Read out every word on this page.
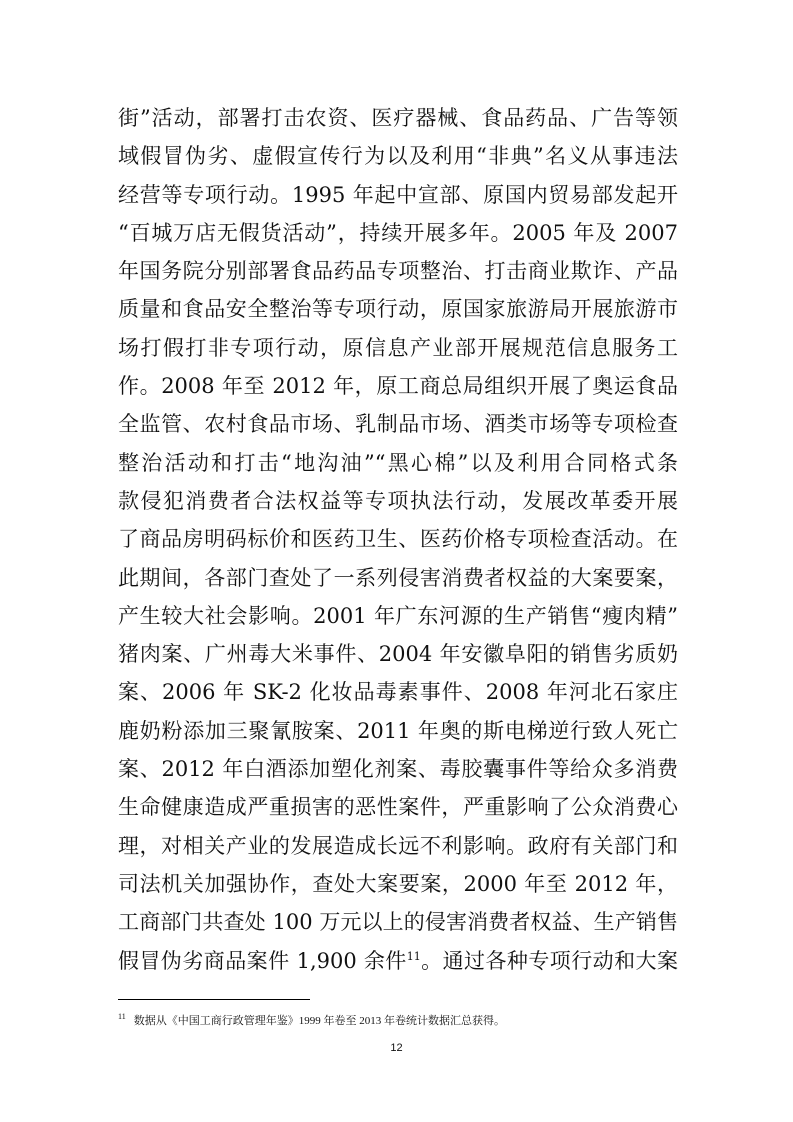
街”活动，部署打击农资、医疗器械、食品药品、广告等领
域假冒伪劣、虚假宣传行为以及利用“非典”名义从事违法
经营等专项行动。1995 年起中宣部、原国内贸易部发起开
“百城万店无假货活动”，持续开展多年。2005 年及 2007
年国务院分别部署食品药品专项整治、打击商业欺诈、产品
质量和食品安全整治等专项行动，原国家旅游局开展旅游市
场打假打非专项行动，原信息产业部开展规范信息服务工
作。2008 年至 2012 年，原工商总局组织开展了奥运食品
全监管、农村食品市场、乳制品市场、酒类市场等专项检查
整治活动和打击“地沟油”“黑心棉”以及利用合同格式条
款侵犯消费者合法权益等专项执法行动，发展改革委开展
了商品房明码标价和医药卫生、医药价格专项检查活动。在
此期间，各部门查处了一系列侵害消费者权益的大案要案，
产生较大社会影响。2001 年广东河源的生产销售“瘦肉精”
猪肉案、广州毒大米事件、2004 年安徽阜阳的销售劣质奶
案、2006 年 SK-2 化妆品毒素事件、2008 年河北石家庄
鹿奶粉添加三聚氰胺案、2011 年奥的斯电梯逆行致人死亡
案、2012 年白酒添加塑化剂案、毒胶囊事件等给众多消费
生命健康造成严重损害的恶性案件，严重影响了公众消费心
理，对相关产业的发展造成长远不利影响。政府有关部门和
司法机关加强协作，查处大案要案，2000 年至 2012 年，
工商部门共查处 100 万元以上的侵害消费者权益、生产销售
假冒伪劣商品案件 1,900 余件$^{11}$。通过各种专项行动和大案
$^{11}$ 数据从《中国工商行政管理年鉴》1999 年卷至 2013 年卷统计数据汇总获得。
12
